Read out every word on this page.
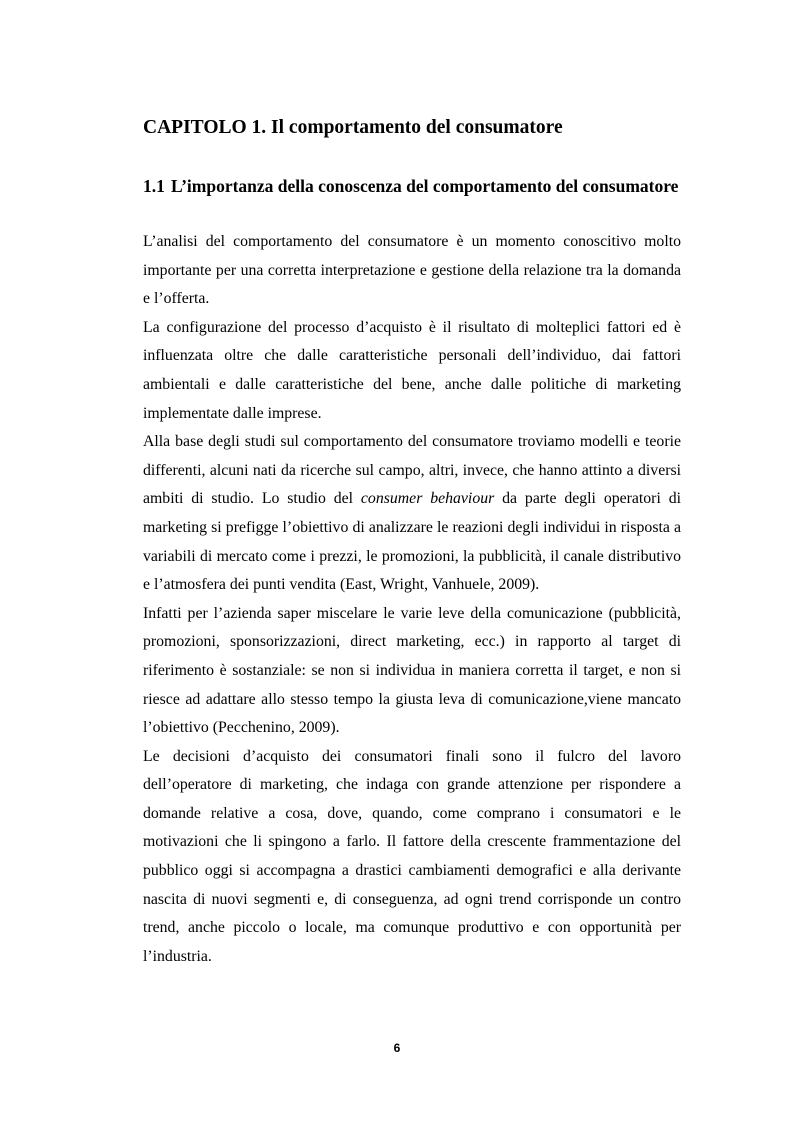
CAPITOLO 1. Il comportamento del consumatore
1.1 L’importanza della conoscenza del comportamento del consumatore

L’analisi del comportamento del consumatore è un momento conoscitivo molto importante per una corretta interpretazione e gestione della relazione tra la domanda e l’offerta.

La configurazione del processo d’acquisto è il risultato di molteplici fattori ed è influenzata oltre che dalle caratteristiche personali dell’individuo, dai fattori ambientali e dalle caratteristiche del bene, anche dalle politiche di marketing implementate dalle imprese.

Alla base degli studi sul comportamento del consumatore troviamo modelli e teorie differenti, alcuni nati da ricerche sul campo, altri, invece, che hanno attinto a diversi ambiti di studio. Lo studio del consumer behaviour da parte degli operatori di marketing si prefigge l’obiettivo di analizzare le reazioni degli individui in risposta a variabili di mercato come i prezzi, le promozioni, la pubblicità, il canale distributivo e l’atmosfera dei punti vendita (East, Wright, Vanhuele, 2009).

Infatti per l’azienda saper miscelare le varie leve della comunicazione (pubblicità, promozioni, sponsorizzazioni, direct marketing, ecc.) in rapporto al target di riferimento è sostanziale: se non si individua in maniera corretta il target, e non si riesce ad adattare allo stesso tempo la giusta leva di comunicazione,viene mancato l’obiettivo (Pecchenino, 2009).

Le decisioni d’acquisto dei consumatori finali sono il fulcro del lavoro dell’operatore di marketing, che indaga con grande attenzione per rispondere a domande relative a cosa, dove, quando, come comprano i consumatori e le motivazioni che li spingono a farlo. Il fattore della crescente frammentazione del pubblico oggi si accompagna a drastici cambiamenti demografici e alla derivante nascita di nuovi segmenti e, di conseguenza, ad ogni trend corrisponde un contro trend, anche piccolo o locale, ma comunque produttivo e con opportunità per l’industria.

6
